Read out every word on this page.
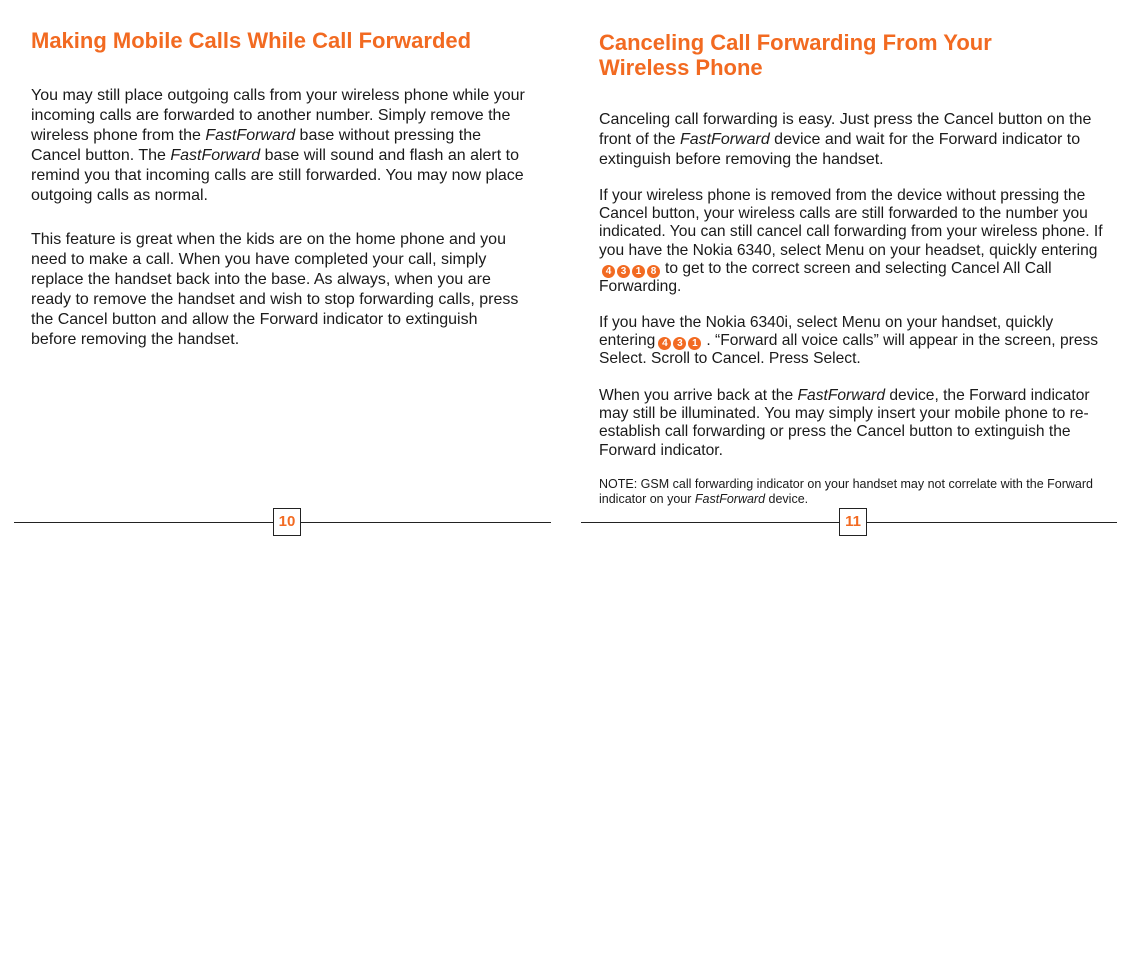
Making Mobile Calls While Call Forwarded

You may still place outgoing calls from your wireless phone while your incoming calls are forwarded to another number. Simply remove the wireless phone from the FastForward base without pressing the Cancel button. The FastForward base will sound and flash an alert to remind you that incoming calls are still forwarded. You may now place outgoing calls as normal.

This feature is great when the kids are on the home phone and you need to make a call. When you have completed your call, simply replace the handset back into the base. As always, when you are ready to remove the handset and wish to stop forwarding calls, press the Cancel button and allow the Forward indicator to extinguish before removing the handset.

10
Canceling Call Forwarding From Your Wireless Phone

Canceling call forwarding is easy. Just press the Cancel button on the front of the FastForward device and wait for the Forward indicator to extinguish before removing the handset.

If your wireless phone is removed from the device without pressing the Cancel button, your wireless calls are still forwarded to the number you indicated. You can still cancel call forwarding from your wireless phone. If you have the Nokia 6340, select Menu on your headset, quickly entering4 3 1 8 to get to the correct screen and selecting Cancel All Call Forwarding.

If you have the Nokia 6340i, select Menu on your handset, quickly entering 4 3 1 . “Forward all voice calls” will appear in the screen, press Select. Scroll to Cancel. Press Select.

When you arrive back at the FastForward device, the Forward indicator may still be illuminated. You may simply insert your mobile phone to re-establish call forwarding or press the Cancel button to extinguish the Forward indicator.

NOTE: GSM call forwarding indicator on your handset may not correlate with the Forward indicator on your FastForward device.

11
